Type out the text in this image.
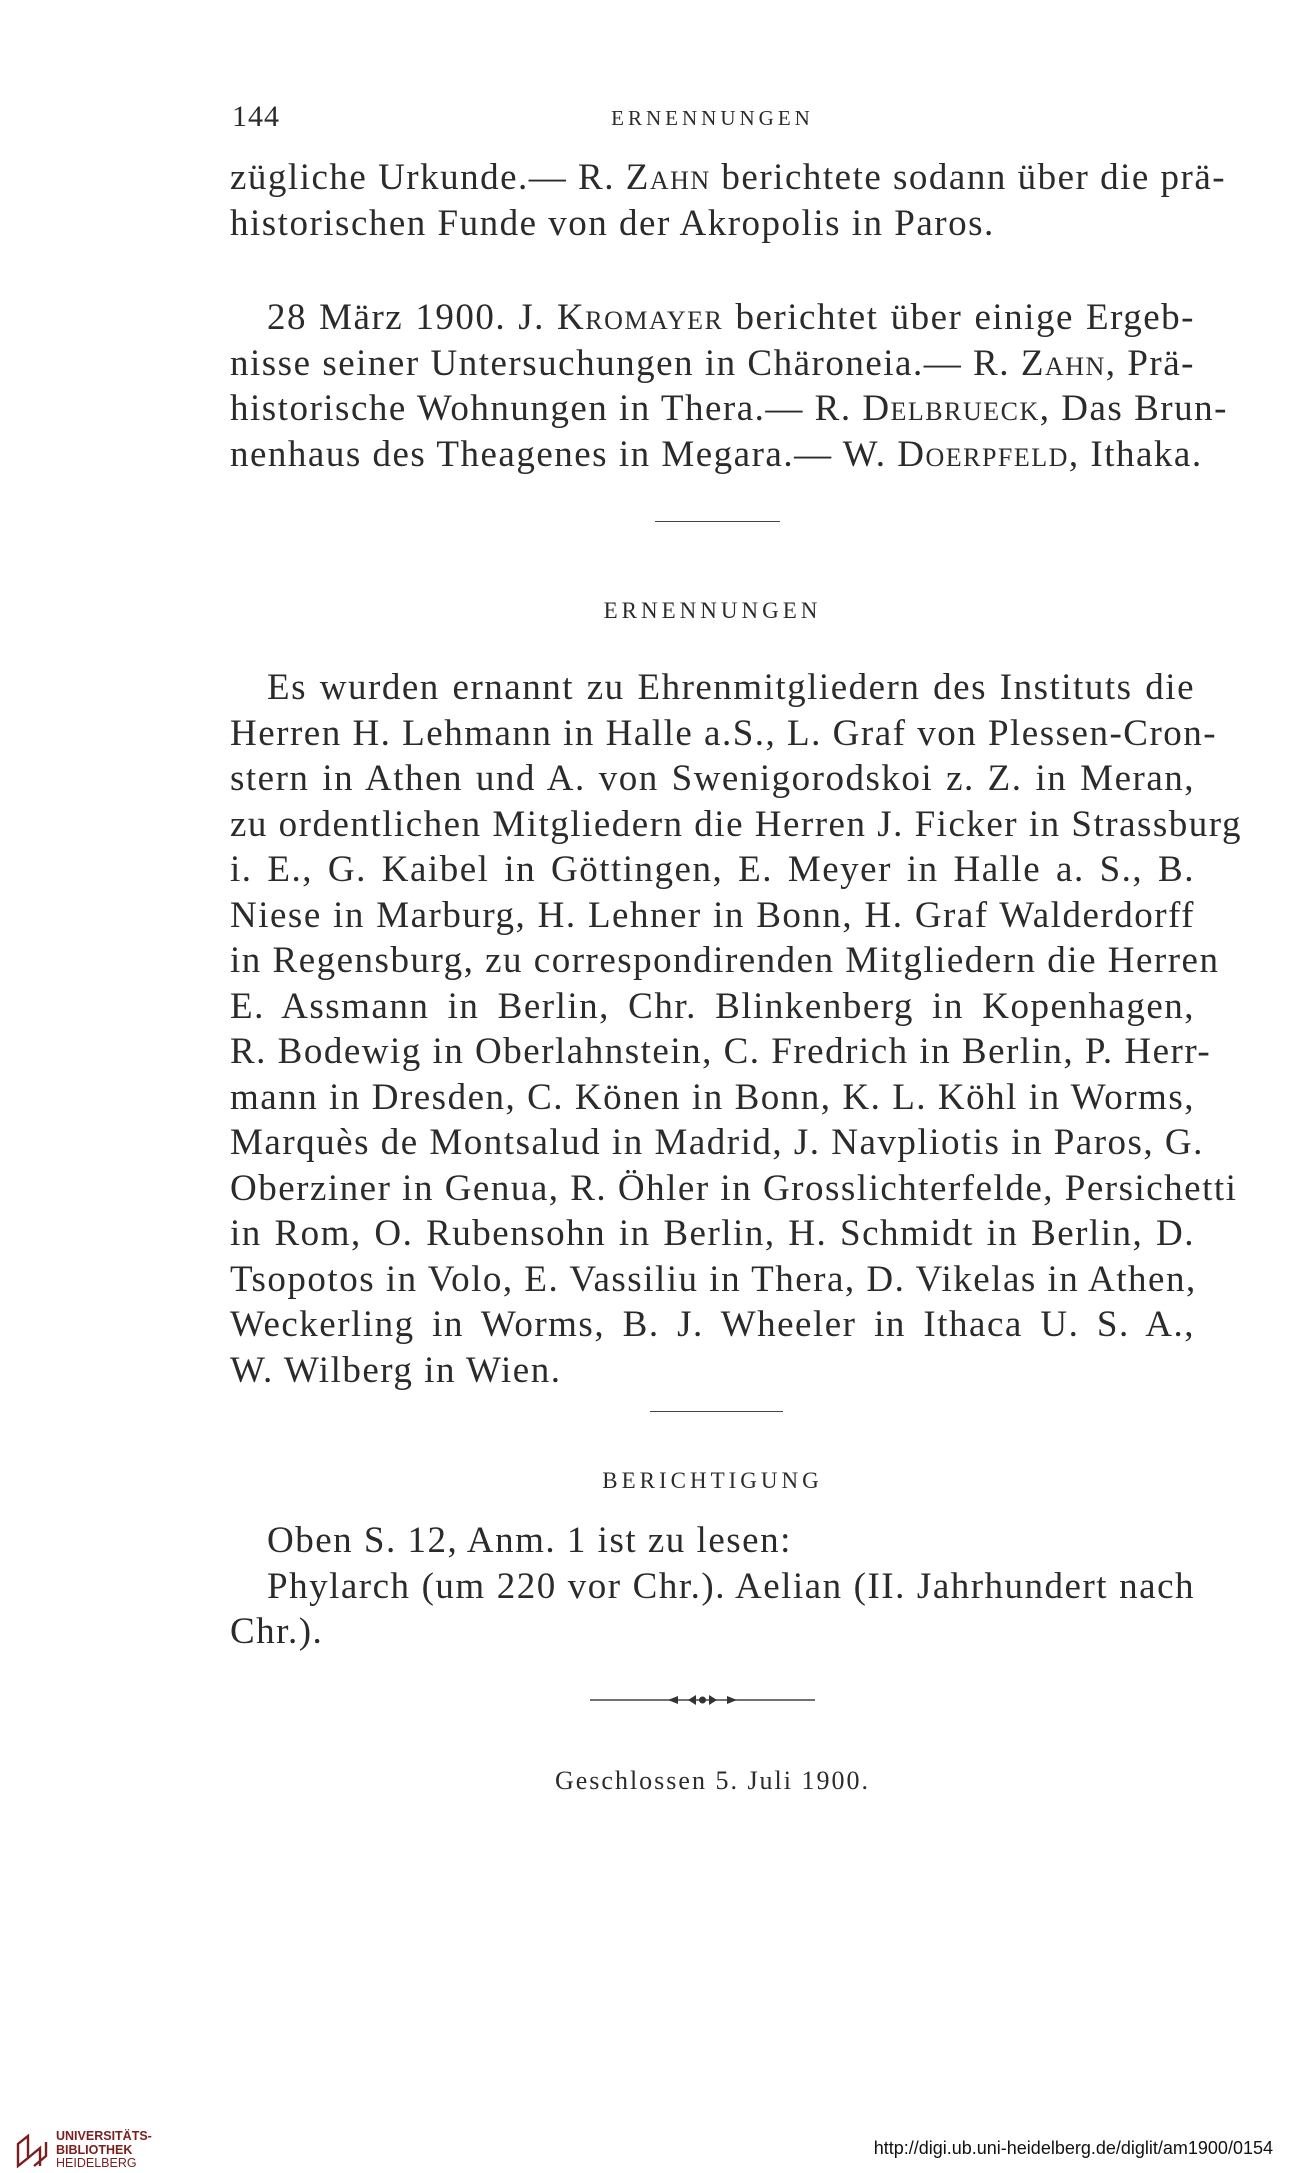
144	ERNENNUNGEN

zügliche Urkunde.— R. Zahn berichtete sodann über die prä-
historischen Funde von der Akropolis in Paros.

28 März 1900. J. Kromayer berichtet über einige Ergeb-
nisse seiner Untersuchungen in Chäroneia.— R. Zahn, Prä-
historische Wohnungen in Thera.— R. Delbrueck, Das Brun-
nenhaus des Theagenes in Megara.— W. Doerpfeld, Ithaka.

ERNENNUNGEN

Es wurden ernannt zu Ehrenmitgliedern des Instituts die
Herren H. Lehmann in Halle a.S., L. Graf von Plessen-Cron-
stern in Athen und A. von Swenigorodskoi z. Z. in Meran,
zu ordentlichen Mitgliedern die Herren J. Ficker in Strassburg
i. E., G. Kaibel in Göttingen, E. Meyer in Halle a. S., B.
Niese in Marburg, H. Lehner in Bonn, H. Graf Walderdorff
in Regensburg, zu correspondirenden Mitgliedern die Herren
E. Assmann in Berlin, Chr. Blinkenberg in Kopenhagen,
R. Bodewig in Oberlahnstein, C. Fredrich in Berlin, P. Herr-
mann in Dresden, C. Könen in Bonn, K. L. Köhl in Worms,
Marquès de Montsalud in Madrid, J. Navpliotis in Paros, G.
Oberziner in Genua, R. Öhler in Grosslichterfelde, Persichetti
in Rom, O. Rubensohn in Berlin, H. Schmidt in Berlin, D.
Tsopotos in Volo, E. Vassiliu in Thera, D. Vikelas in Athen,
Weckerling in Worms, B. J. Wheeler in Ithaca U. S. A.,
W. Wilberg in Wien.

BERICHTIGUNG

Oben S. 12, Anm. 1 ist zu lesen:
Phylarch (um 220 vor Chr.). Aelian (II. Jahrhundert nach
Chr.).

Geschlossen 5. Juli 1900.
UNIVERSITÄTS-
BIBLIOTHEK
HEIDELBERG
http://digi.ub.uni-heidelberg.de/diglit/am1900/0154
